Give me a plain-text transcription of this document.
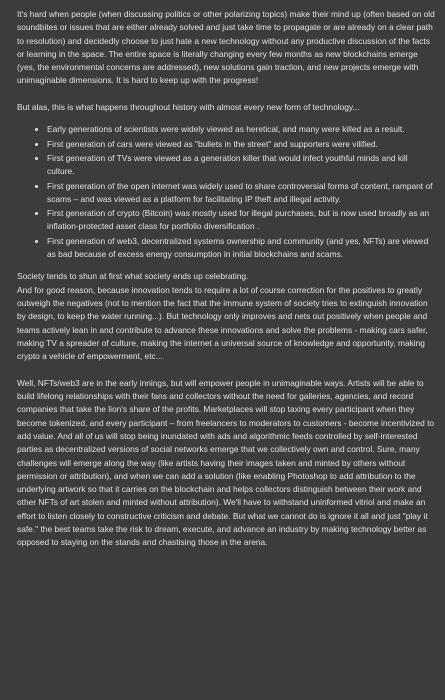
It's hard when people (when discussing politics or other polarizing topics) make their mind up (often based on old soundbites or issues that are either already solved and just take time to propagate or are already on a clear path to resolution) and decidedly choose to just hate a new technology without any productive discussion of the facts or learning in the space. The entire space is literally changing every few months as new blockchains emerge (yes, the environmental concerns are addressed), new solutions gain traction, and new projects emerge with unimaginable dimensions. It is hard to keep up with the progress!

But alas, this is what happens throughout history with almost every new form of technology...

• Early generations of scientists were widely viewed as heretical, and many were killed as a result.
• First generation of cars were viewed as "bullets in the street" and supporters were vilified.
• First generation of TVs were viewed as a generation killer that would infect youthful minds and kill culture.
• First generation of the open internet was widely used to share controversial forms of content, rampant of scams – and was viewed as a platform for facilitating IP theft and illegal activity.
• First generation of crypto (Bitcoin) was mostly used for illegal purchases, but is now used broadly as an inflation-protected asset class for portfolio diversification .
• First generation of web3, decentralized systems ownership and community (and yes, NFTs) are viewed as bad because of excess energy consumption in initial blockchains and scams.

Society tends to shun at first what society ends up celebrating.

And for good reason, because innovation tends to require a lot of course correction for the positives to greatly outweigh the negatives (not to mention the fact that the immune system of society tries to extinguish innovation by design, to keep the water running...). But technology only improves and nets out positively when people and teams actively lean in and contribute to advance these innovations and solve the problems - making cars safer, making TV a spreader of culture, making the internet a universal source of knowledge and opportunity, making crypto a vehicle of empowerment, etc...

Well, NFTs/web3 are in the early innings, but will empower people in unimaginable ways. Artists will be able to build lifelong relationships with their fans and collectors without the need for galleries, agencies, and record companies that take the lion's share of the profits. Marketplaces will stop taxing every participant when they become tokenized, and every participant – from freelancers to moderators to customers - become incentivized to add value. And all of us will stop being inundated with ads and algorithmic feeds controlled by self-interested parties as decentralized versions of social networks emerge that we collectively own and control. Sure, many challenges will emerge along the way (like artists having their images taken and minted by others without permission or attribution), and when we can add a solution (like enabling Photoshop to add attribution to the underlying artwork so that it carries on the blockchain and helps collectors distinguish between their work and other NFTs of art stolen and minted without attribution). We'll have to withstand uninformed vitriol and make an effort to listen closely to constructive criticism and debate. But what we cannot do is ignore it all and just "play it safe." the best teams take the risk to dream, execute, and advance an industry by making technology better as opposed to staying on the stands and chastising those in the arena.
